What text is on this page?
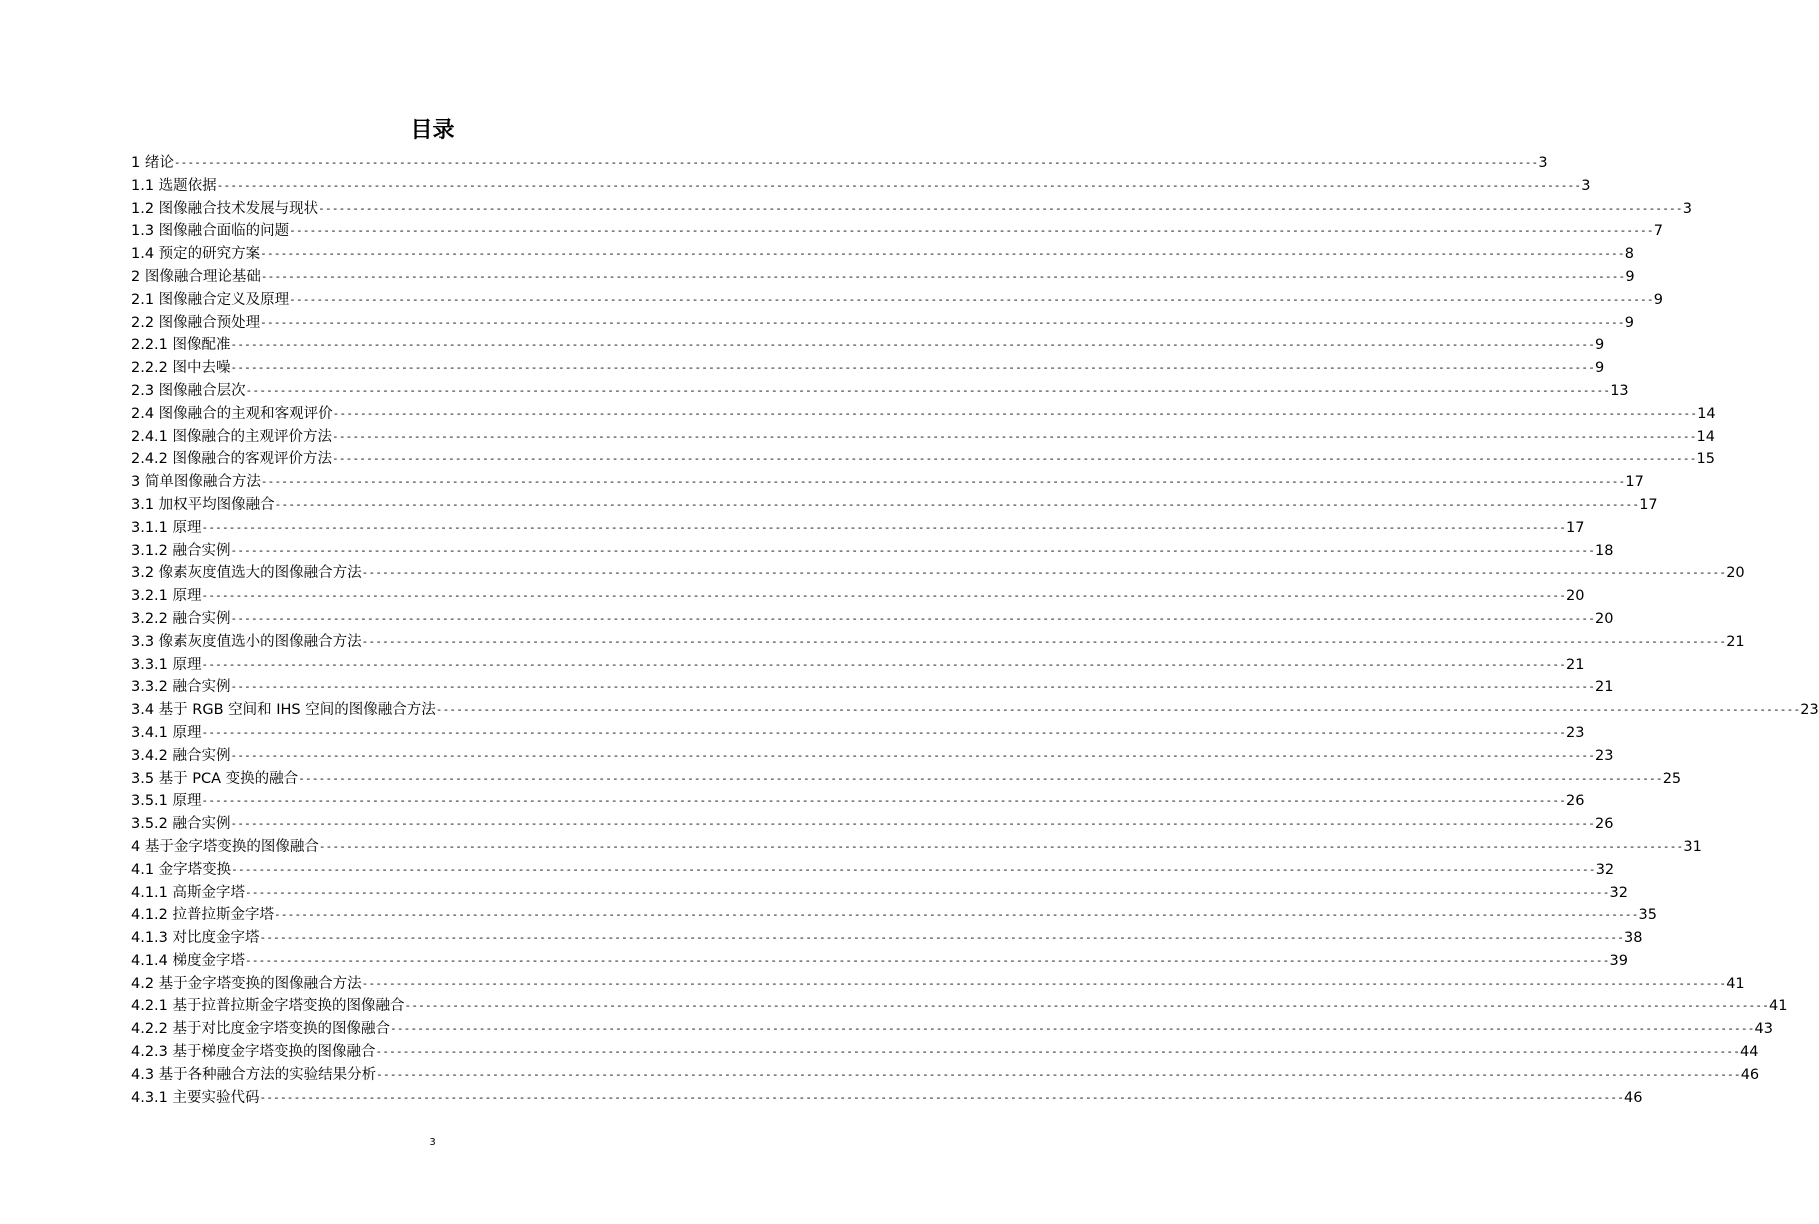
目录
1 绪论 -------------------------------------------------------------------------------------------------------------------------------------------------------------------------------------------------------- 3
1.1 选题依据 -------------------------------------------------------------------------------------------------------------------------------------------------------------------------------------------------------- 3
1.2 图像融合技术发展与现状 -------------------------------------------------------------------------------------------------------------------------------------------------------------------------------------------------------- 3
1.3 图像融合面临的问题 -------------------------------------------------------------------------------------------------------------------------------------------------------------------------------------------------------- 7
1.4 预定的研究方案 -------------------------------------------------------------------------------------------------------------------------------------------------------------------------------------------------------- 8
2 图像融合理论基础 -------------------------------------------------------------------------------------------------------------------------------------------------------------------------------------------------------- 9
2.1 图像融合定义及原理 -------------------------------------------------------------------------------------------------------------------------------------------------------------------------------------------------------- 9
2.2 图像融合预处理 -------------------------------------------------------------------------------------------------------------------------------------------------------------------------------------------------------- 9
2.2.1 图像配准 -------------------------------------------------------------------------------------------------------------------------------------------------------------------------------------------------------- 9
2.2.2 图中去噪 -------------------------------------------------------------------------------------------------------------------------------------------------------------------------------------------------------- 9
2.3 图像融合层次 -------------------------------------------------------------------------------------------------------------------------------------------------------------------------------------------------------- 13
2.4 图像融合的主观和客观评价 -------------------------------------------------------------------------------------------------------------------------------------------------------------------------------------------------------- 14
2.4.1 图像融合的主观评价方法 -------------------------------------------------------------------------------------------------------------------------------------------------------------------------------------------------------- 14
2.4.2 图像融合的客观评价方法 -------------------------------------------------------------------------------------------------------------------------------------------------------------------------------------------------------- 15
3 简单图像融合方法 -------------------------------------------------------------------------------------------------------------------------------------------------------------------------------------------------------- 17
3.1 加权平均图像融合 -------------------------------------------------------------------------------------------------------------------------------------------------------------------------------------------------------- 17
3.1.1 原理 -------------------------------------------------------------------------------------------------------------------------------------------------------------------------------------------------------- 17
3.1.2 融合实例 -------------------------------------------------------------------------------------------------------------------------------------------------------------------------------------------------------- 18
3.2 像素灰度值选大的图像融合方法 -------------------------------------------------------------------------------------------------------------------------------------------------------------------------------------------------------- 20
3.2.1 原理 -------------------------------------------------------------------------------------------------------------------------------------------------------------------------------------------------------- 20
3.2.2 融合实例 -------------------------------------------------------------------------------------------------------------------------------------------------------------------------------------------------------- 20
3.3 像素灰度值选小的图像融合方法 -------------------------------------------------------------------------------------------------------------------------------------------------------------------------------------------------------- 21
3.3.1 原理 -------------------------------------------------------------------------------------------------------------------------------------------------------------------------------------------------------- 21
3.3.2 融合实例 -------------------------------------------------------------------------------------------------------------------------------------------------------------------------------------------------------- 21
3.4 基于 RGB 空间和 IHS 空间的图像融合方法 -------------------------------------------------------------------------------------------------------------------------------------------------------------------------------------------------------- 23
3.4.1 原理 -------------------------------------------------------------------------------------------------------------------------------------------------------------------------------------------------------- 23
3.4.2 融合实例 -------------------------------------------------------------------------------------------------------------------------------------------------------------------------------------------------------- 23
3.5 基于 PCA 变换的融合 -------------------------------------------------------------------------------------------------------------------------------------------------------------------------------------------------------- 25
3.5.1 原理 -------------------------------------------------------------------------------------------------------------------------------------------------------------------------------------------------------- 26
3.5.2 融合实例 -------------------------------------------------------------------------------------------------------------------------------------------------------------------------------------------------------- 26
4 基于金字塔变换的图像融合 -------------------------------------------------------------------------------------------------------------------------------------------------------------------------------------------------------- 31
4.1 金字塔变换 -------------------------------------------------------------------------------------------------------------------------------------------------------------------------------------------------------- 32
4.1.1 高斯金字塔 -------------------------------------------------------------------------------------------------------------------------------------------------------------------------------------------------------- 32
4.1.2 拉普拉斯金字塔 -------------------------------------------------------------------------------------------------------------------------------------------------------------------------------------------------------- 35
4.1.3 对比度金字塔 -------------------------------------------------------------------------------------------------------------------------------------------------------------------------------------------------------- 38
4.1.4 梯度金字塔 -------------------------------------------------------------------------------------------------------------------------------------------------------------------------------------------------------- 39
4.2 基于金字塔变换的图像融合方法 -------------------------------------------------------------------------------------------------------------------------------------------------------------------------------------------------------- 41
4.2.1 基于拉普拉斯金字塔变换的图像融合 -------------------------------------------------------------------------------------------------------------------------------------------------------------------------------------------------------- 41
4.2.2 基于对比度金字塔变换的图像融合 -------------------------------------------------------------------------------------------------------------------------------------------------------------------------------------------------------- 43
4.2.3 基于梯度金字塔变换的图像融合 -------------------------------------------------------------------------------------------------------------------------------------------------------------------------------------------------------- 44
4.3 基于各种融合方法的实验结果分析 -------------------------------------------------------------------------------------------------------------------------------------------------------------------------------------------------------- 46
4.3.1 主要实验代码 -------------------------------------------------------------------------------------------------------------------------------------------------------------------------------------------------------- 46
3
